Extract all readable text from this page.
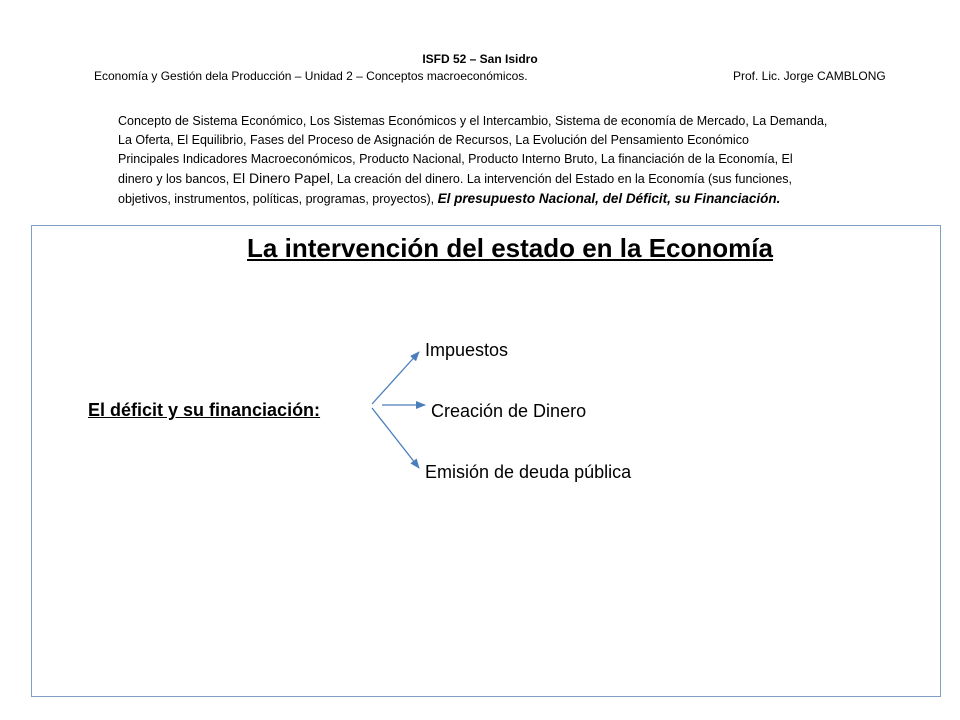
ISFD 52 – San Isidro
Economía y Gestión dela Producción – Unidad 2 – Conceptos macroeconómicos.	Prof. Lic. Jorge CAMBLONG
Concepto de Sistema Económico, Los Sistemas Económicos y el Intercambio, Sistema de economía de Mercado, La Demanda,
La Oferta, El Equilibrio, Fases del Proceso de Asignación de Recursos, La Evolución del Pensamiento Económico
Principales Indicadores Macroeconómicos, Producto Nacional, Producto Interno Bruto, La financiación de la Economía, El
dinero y los bancos, El Dinero Papel, La creación del dinero. La intervención del Estado en la Economía (sus funciones,
objetivos, instrumentos, políticas, programas, proyectos), El presupuesto Nacional, del Déficit, su Financiación.
La intervención del estado en la Economía
El déficit y su financiación:
Impuestos
Creación de Dinero
Emisión de deuda pública
